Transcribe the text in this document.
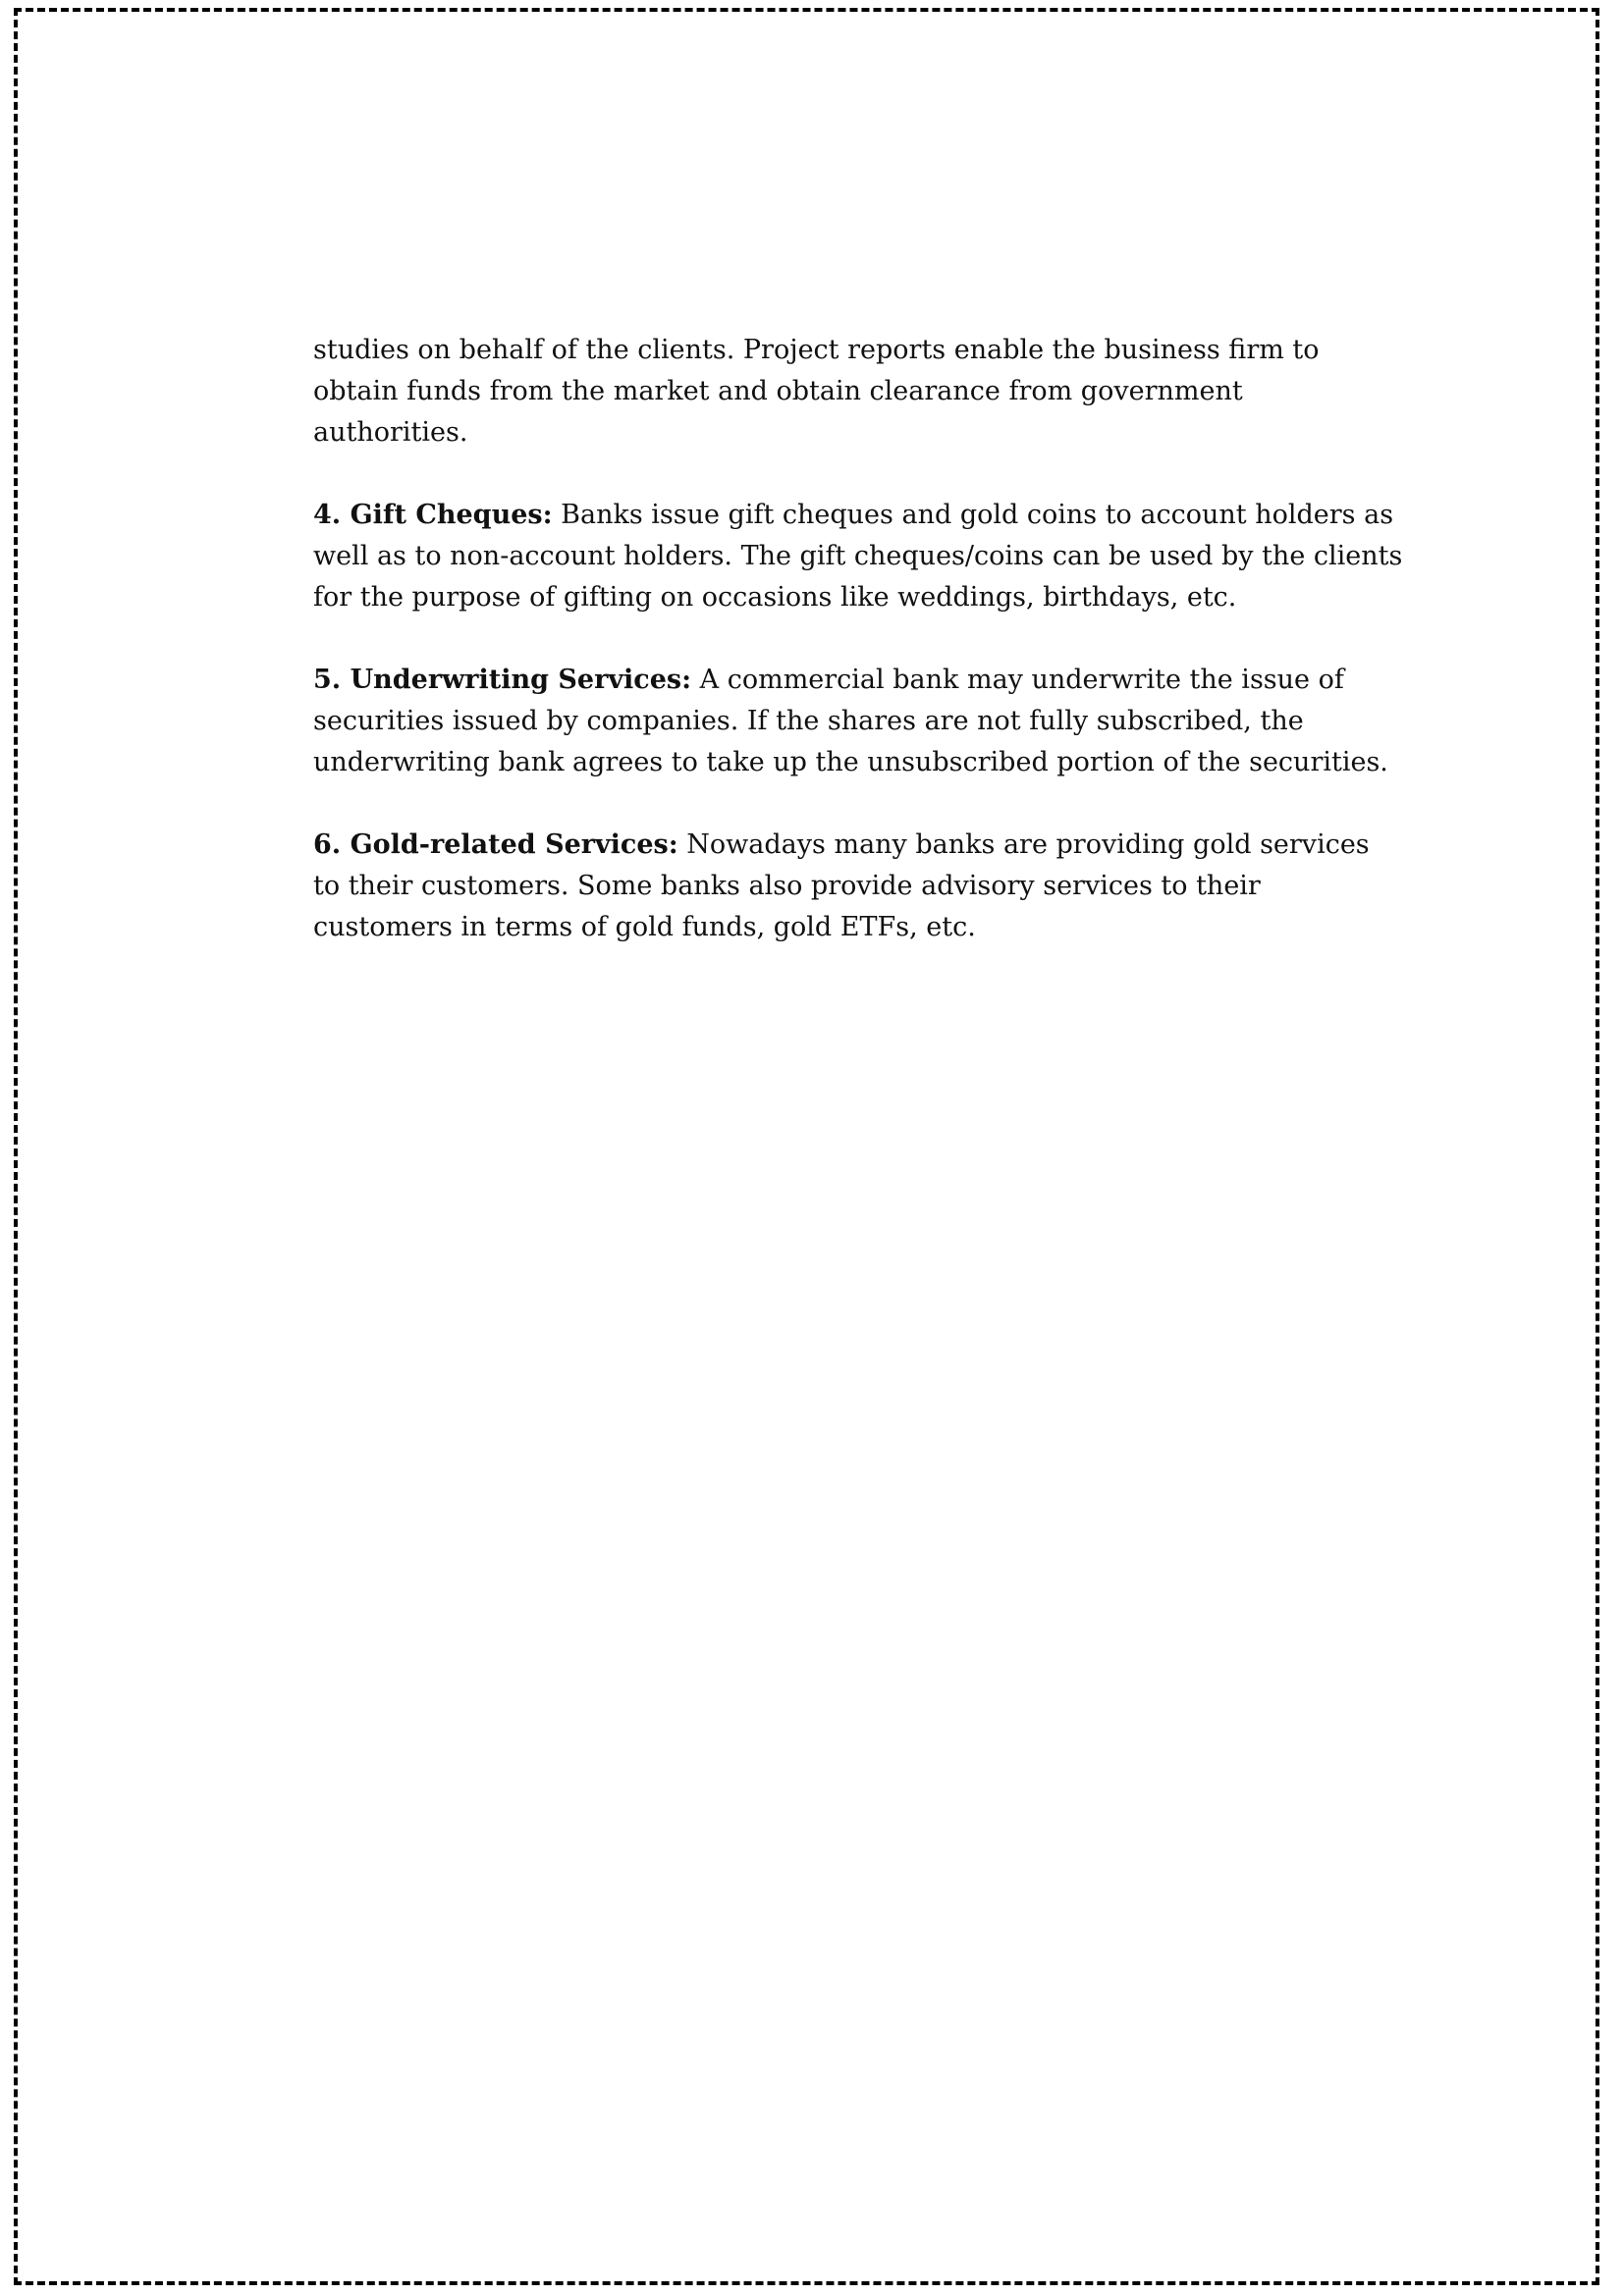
studies on behalf of the clients. Project reports enable the business firm to obtain funds from the market and obtain clearance from government authorities.

4. Gift Cheques: Banks issue gift cheques and gold coins to account holders as well as to non-account holders. The gift cheques/coins can be used by the clients for the purpose of gifting on occasions like weddings, birthdays, etc.

5. Underwriting Services: A commercial bank may underwrite the issue of securities issued by companies. If the shares are not fully subscribed, the underwriting bank agrees to take up the unsubscribed portion of the securities.

6. Gold-related Services: Nowadays many banks are providing gold services to their customers. Some banks also provide advisory services to their customers in terms of gold funds, gold ETFs, etc.
